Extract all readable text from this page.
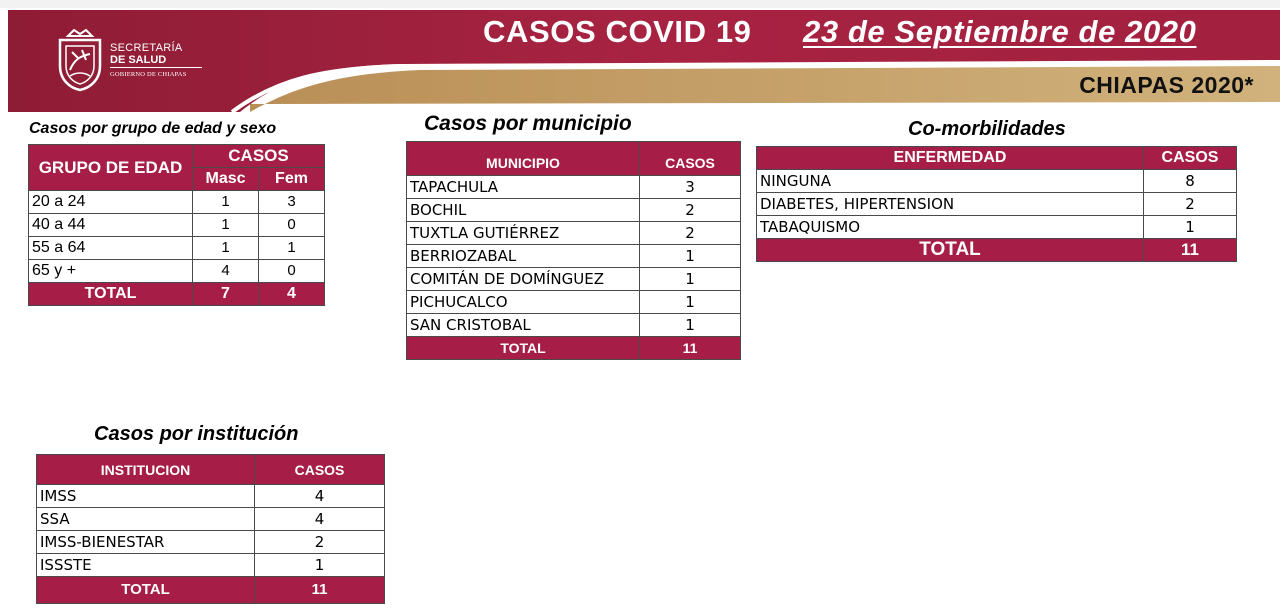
SECRETARÍA
DE SALUD
GOBIERNO DE CHIAPAS
CASOS COVID 19 23 de Septiembre de 2020
CHIAPAS 2020*
Casos por grupo de edad y sexo
GRUPO DE EDAD	CASOS	
	Masc	Fem
20 a 24	1	3
40 a 44	1	0
55 a 64	1	1
65 y +	4	0
TOTAL	7	4
Casos por municipio
MUNICIPIO	CASOS
TAPACHULA	3
BOCHIL	2
TUXTLA GUTIÉRREZ	2
BERRIOZABAL	1
COMITÁN DE DOMÍNGUEZ	1
PICHUCALCO	1
SAN CRISTOBAL	1
TOTAL	11
Co-morbilidades
ENFERMEDAD	CASOS
NINGUNA	8
DIABETES, HIPERTENSION	2
TABAQUISMO	1
TOTAL	11
Casos por institución
INSTITUCION	CASOS
IMSS	4
SSA	4
IMSS-BIENESTAR	2
ISSSTE	1
TOTAL	11
